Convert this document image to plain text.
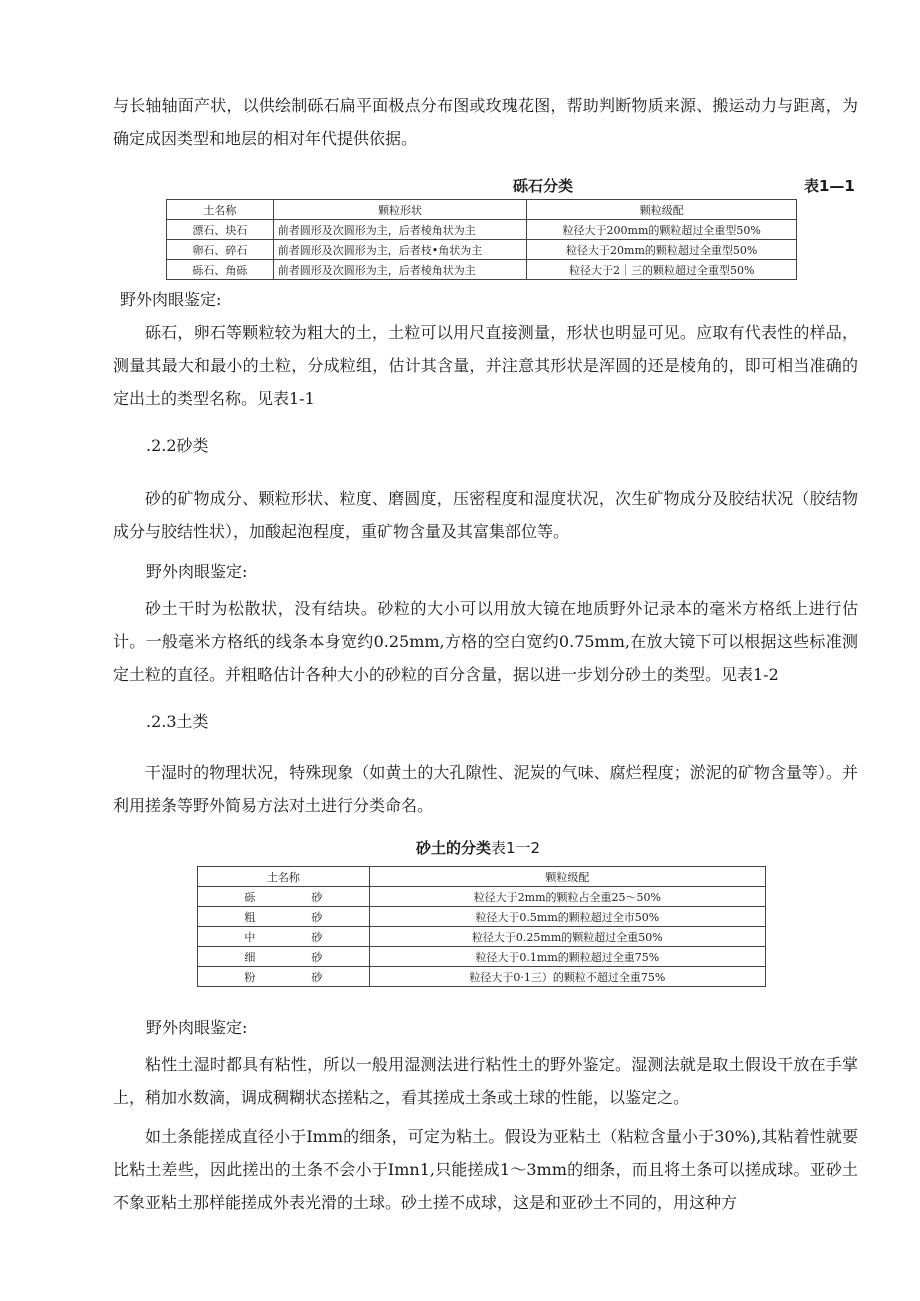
与长轴轴面产状，以供绘制砾石扁平面极点分布图或玫瑰花图，帮助判断物质来源、搬运动力与距离，为确定成因类型和地层的相对年代提供依据。

砾石分类	表1—1

土名称	颗粒形状	颗粒级配
漂石、块石	前者圆形及次圆形为主，后者棱角状为主	粒径大于200mm的颗粒超过全重型50%
卵石、碎石	前者圆形及次圆形为主，后者枝•角状为主	粒径大于20mm的颗粒超过全重型50%
砾石、角砾	前者圆形及次圆形为主，后者棱角状为主	粒径大于2｜三的颗粒超过全重型50%

野外肉眼鉴定:

砾石，卵石等颗粒较为粗大的土，土粒可以用尺直接测量，形状也明显可见。应取有代表性的样品，测量其最大和最小的土粒，分成粒组，估计其含量，并注意其形状是浑圆的还是棱角的，即可相当准确的定出土的类型名称。见表1-1

.2.2砂类

砂的矿物成分、颗粒形状、粒度、磨圆度，压密程度和湿度状况，次生矿物成分及胶结状况（胶结物成分与胶结性状），加酸起泡程度，重矿物含量及其富集部位等。

野外肉眼鉴定:

砂土干时为松散状，没有结块。砂粒的大小可以用放大镜在地质野外记录本的毫米方格纸上进行估计。一般毫米方格纸的线条本身宽约0.25mm,方格的空白宽约0.75mm,在放大镜下可以根据这些标准测定土粒的直径。并粗略估计各种大小的砂粒的百分含量，据以进一步划分砂土的类型。见表1-2

.2.3土类

干湿时的物理状况，特殊现象（如黄土的大孔隙性、泥炭的气味、腐烂程度；淤泥的矿物含量等）。并利用搓条等野外简易方法对土进行分类命名。

砂土的分类表1一2

土名称	颗粒级配
砾 砂	粒径大于2mm的颗粒占全重25～50%
粗 砂	粒径大于0.5mm的颗粒超过全市50%
中 砂	粒径大于0.25mm的颗粒超过全重50%
细 砂	粒径大于0.1mm的颗粒超过全重75%
粉 砂	粒径大于0·1三）的颗粒不超过全重75%

野外肉眼鉴定:

粘性土湿时都具有粘性，所以一般用湿测法进行粘性土的野外鉴定。湿测法就是取土假设干放在手掌上，稍加水数滴，调成稠糊状态搓粘之，看其搓成土条或土球的性能，以鉴定之。

如土条能搓成直径小于Imm的细条，可定为粘土。假设为亚粘土（粘粒含量小于30%),其粘着性就要比粘土差些，因此搓出的土条不会小于Imn1,只能搓成1～3mm的细条，而且将土条可以搓成球。亚砂土不象亚粘土那样能搓成外表光滑的土球。砂土搓不成球，这是和亚砂土不同的，用这种方
